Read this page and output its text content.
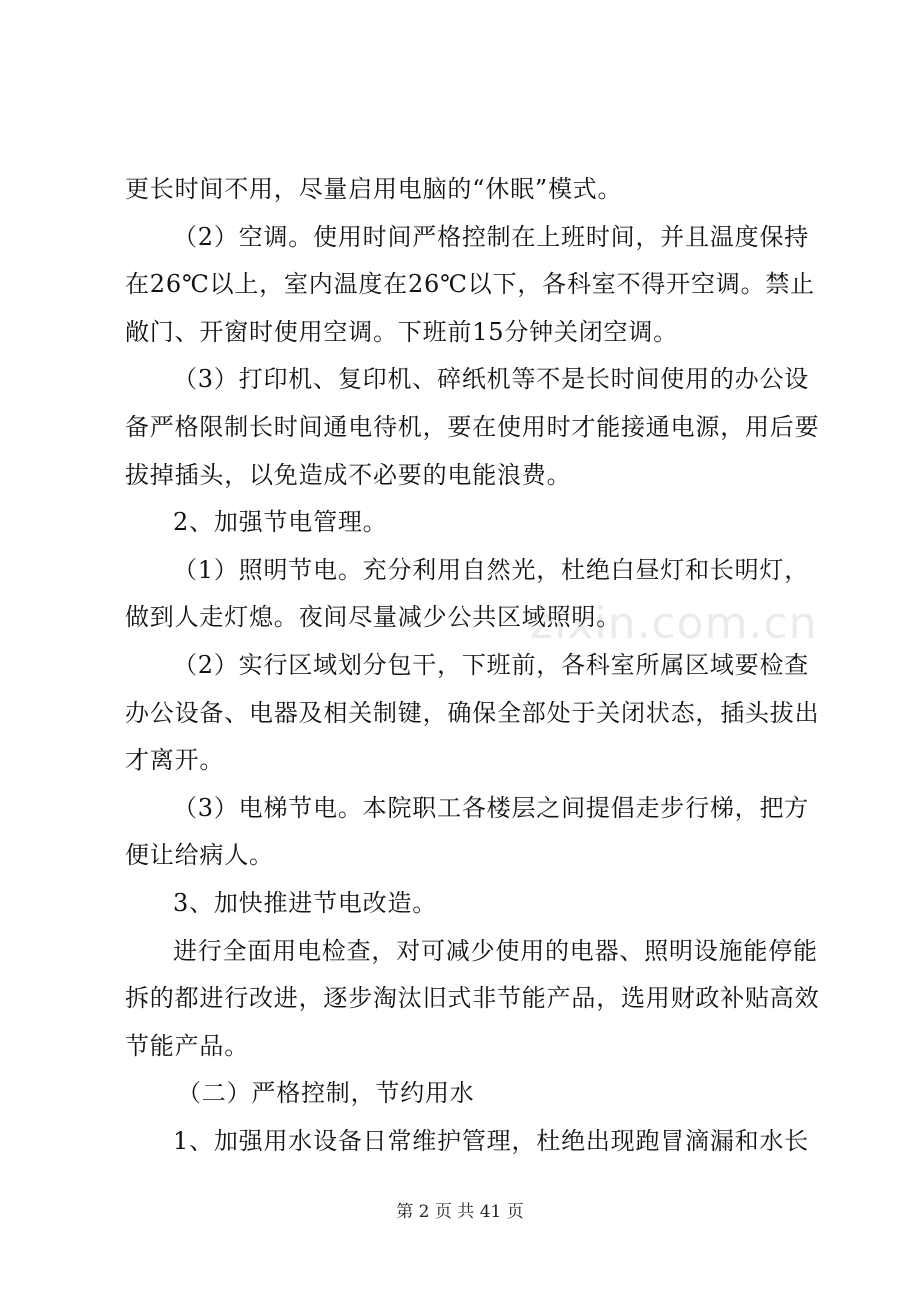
更长时间不用，尽量启用电脑的“休眠”模式。
（2）空调。使用时间严格控制在上班时间，并且温度保持
在26℃以上，室内温度在26℃以下，各科室不得开空调。禁止
敞门、开窗时使用空调。下班前15分钟关闭空调。
（3）打印机、复印机、碎纸机等不是长时间使用的办公设
备严格限制长时间通电待机，要在使用时才能接通电源，用后要
拔掉插头，以免造成不必要的电能浪费。
2、加强节电管理。
（1）照明节电。充分利用自然光，杜绝白昼灯和长明灯，
做到人走灯熄。夜间尽量减少公共区域照明。
（2）实行区域划分包干，下班前，各科室所属区域要检查
办公设备、电器及相关制键，确保全部处于关闭状态，插头拔出
才离开。
（3）电梯节电。本院职工各楼层之间提倡走步行梯，把方
便让给病人。
3、加快推进节电改造。
进行全面用电检查，对可减少使用的电器、照明设施能停能
拆的都进行改进，逐步淘汰旧式非节能产品，选用财政补贴高效
节能产品。
（二）严格控制，节约用水
1、加强用水设备日常维护管理，杜绝出现跑冒滴漏和水长
zixin.com.cn
第 2 页 共 41 页
